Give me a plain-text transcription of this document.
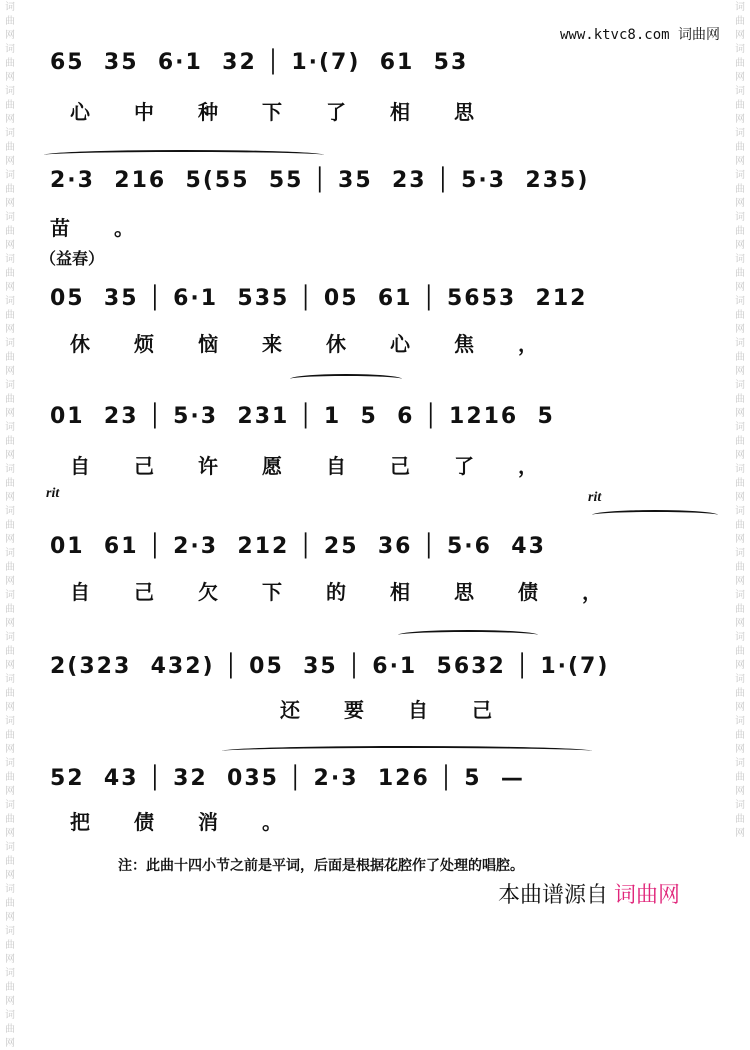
词
曲
网
词
曲
网
词
曲
网
词
曲
网
词
曲
网
词
曲
网
词
曲
网
词
曲
网
词
曲
网
词
曲
网
词
曲
网
词
曲
网
词
曲
网
词
曲
网
词
曲
网
词
曲
网
词
曲
网
词
曲
网
词
曲
网
词
曲
网
词
曲
网
词
曲
网
词
曲
网
词
曲
网
词
曲
网
词
曲
网
词
曲
网
词
曲
网
词
曲
网
词
曲
网
词
曲
网
词
曲
网
词
曲
网
词
曲
网
词
曲
网
词
曲
网
词
曲
网
词
曲
网
词
曲
网
词
曲
网
词
曲
网
词
曲
网
词
曲
网
词
曲
网
词
曲
网
www.ktvc8.com 词曲网
65  35  6·1  32 │ 1·(7)  61  53
心中种下了相思
2·3  216  5(55  55 │ 35  23 │ 5·3  235)
苗。
（益春）
05  35 │ 6·1  535 │ 05  61 │ 5653  212
休烦恼来休心焦，
01  23 │ 5·3  231 │ 1  5  6 │ 1216  5
自己许愿自己了，
rit	rit
01  61 │ 2·3  212 │ 25  36 │ 5·6  43
自己欠下的相思债，
2(323  432) │ 05  35 │ 6·1  5632 │ 1·(7)
还要自己
52  43 │ 32  035 │ 2·3  126 │ 5  —
把债消。
注：此曲十四小节之前是平词，后面是根据花腔作了处理的唱腔。
本曲谱源自 词曲网
